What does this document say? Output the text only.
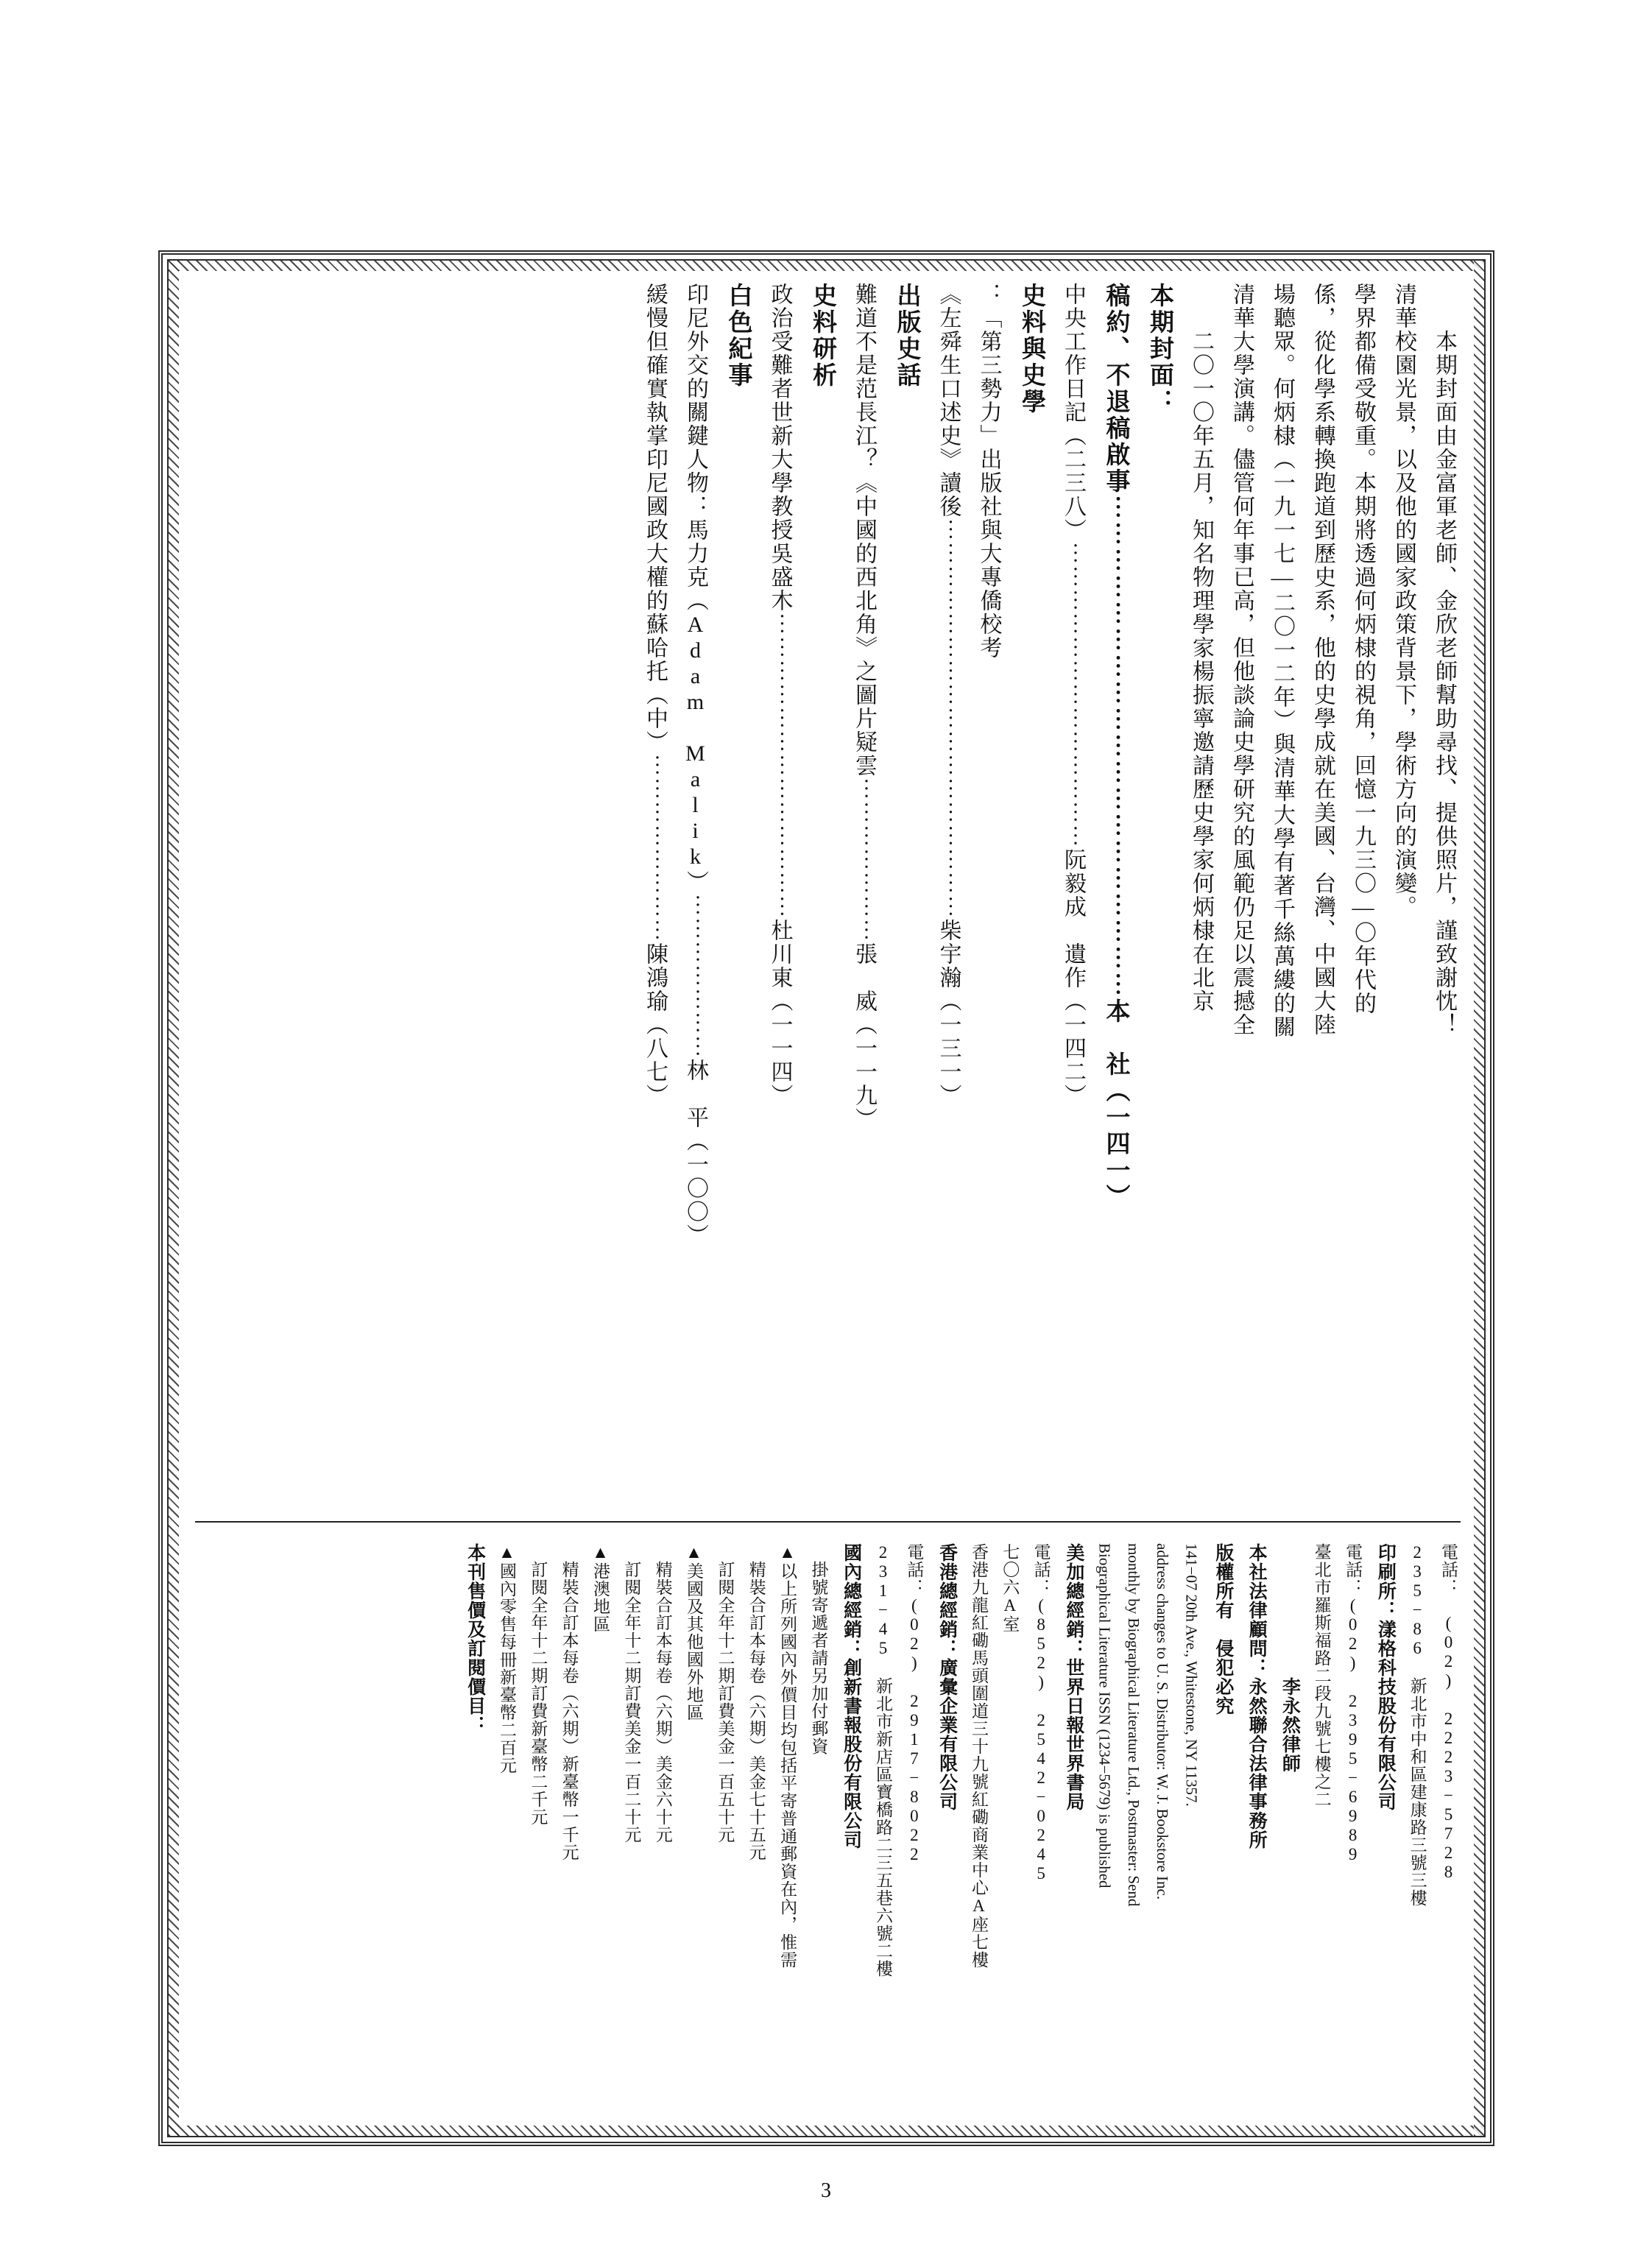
緩慢但確實執掌印尼國政大權的蘇哈托（中）⋯⋯⋯⋯⋯⋯⋯⋯陳鴻瑜（八七） 印尼外交的關鍵人物：馬力克（Adam Malik）⋯⋯⋯⋯⋯⋯⋯林　平（一〇〇） 白色紀事 政治受難者世新大學教授吳盛木⋯⋯⋯⋯⋯⋯⋯⋯⋯⋯⋯⋯⋯杜川東（一一四） 史料研析 難道不是范長江？《中國的西北角》之圖片疑雲⋯⋯⋯⋯⋯⋯⋯張　威（一一九） 出版史話 《左舜生口述史》讀後⋯⋯⋯⋯⋯⋯⋯⋯⋯⋯⋯⋯⋯⋯⋯⋯⋯柴宇瀚（一三一） ：「第三勢力」出版社與大專僑校考 史料與史學 中央工作日記（二三八）⋯⋯⋯⋯⋯⋯⋯⋯⋯⋯⋯⋯⋯阮毅成　遺作（一四二） 稿約、不退稿啟事⋯⋯⋯⋯⋯⋯⋯⋯⋯⋯⋯⋯⋯⋯⋯⋯⋯⋯⋯本　社（一四一） 本期封面： 　　二〇一〇年五月，知名物理學家楊振寧邀請歷史學家何炳棣在北京 清華大學演講。儘管何年事已高，但他談論史學研究的風範仍足以震撼全 場聽眾。何炳棣（一九一七—二〇一二年）與清華大學有著千絲萬縷的關 係，從化學系轉換跑道到歷史系，他的史學成就在美國、台灣、中國大陸 學界都備受敬重。本期將透過何炳棣的視角，回憶一九三〇—〇年代的 清華校園光景，以及他的國家政策背景下，學術方向的演變。 　　本期封面由金富軍老師、金欣老師幫助尋找、提供照片，謹致謝忱！
本刊售價及訂閱價目： ▲國內零售每冊新臺幣二百元 　訂閱全年十二期訂費新臺幣二千元 　精裝合訂本每卷（六期）新臺幣一千元 ▲港澳地區 　訂閱全年十二期訂費美金一百二十元 　精裝合訂本每卷（六期）美金六十元 ▲美國及其他國外地區 　訂閱全年十二期訂費美金一百五十元 　精裝合訂本每卷（六期）美金七十五元 ▲以上所列國內外價目均包括平寄普通郵資在內，惟需 　掛號寄遞者請另加付郵資 國內總經銷：創新書報股份有限公司 231−45 新北市新店區寶橋路二三五巷六號二樓 電話：(02) 2917−8022 香港總經銷：廣彙企業有限公司 香港九龍紅磡馬頭圍道三十九號紅磡商業中心A座七樓 七〇六A室 電話：(852) 2542−0245 美加總經銷：世界日報世界書局 Biographical Literature ISSN (1234−5679) is published monthly by Biographical Literature Ltd., Postmaster: Send address changes to U. S. Distributor: W. J. Bookstore Inc. 141−07 20th Ave., Whitestone, NY 11357. 版權所有　侵犯必究 本社法律顧問：永然聯合法律事務所 　　　　　　　李永然律師 臺北市羅斯福路二段九號七樓之二 電話：(02) 2395−6989 印刷所：漾格科技股份有限公司 235−86 新北市中和區建康路三號三樓 電話：　(02) 2223−5728
3
